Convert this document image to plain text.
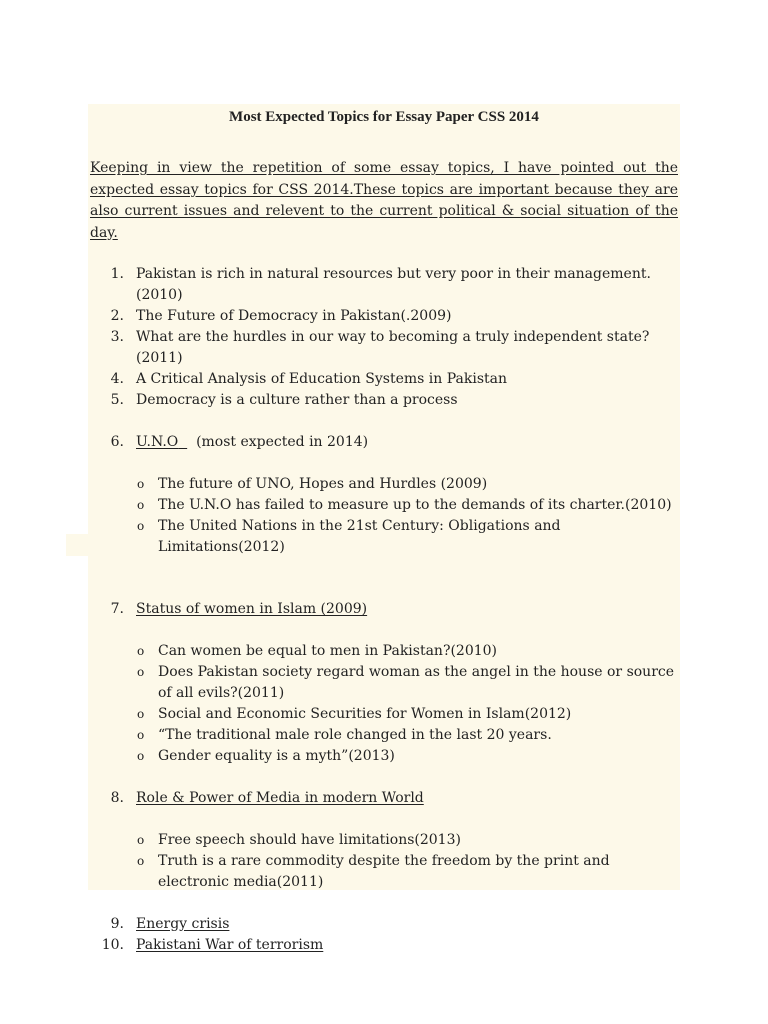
Most Expected Topics for Essay Paper CSS 2014
Keeping in view the repetition of some essay topics, I have pointed out the expected essay topics for CSS 2014.These topics are important because they are also current issues and relevent to the current political & social situation of the day.
1. Pakistan is rich in natural resources but very poor in their management.(2010)
2. The Future of Democracy in Pakistan(.2009)
3. What are the hurdles in our way to becoming a truly independent state?(2011)
4. A Critical Analysis of Education Systems in Pakistan
5. Democracy is a culture rather than a process
6. U.N.O (most expected in 2014)
o The future of UNO, Hopes and Hurdles (2009)
o The U.N.O has failed to measure up to the demands of its charter.(2010)
o The United Nations in the 21st Century: Obligations and Limitations(2012)
7. Status of women in Islam (2009)
o Can women be equal to men in Pakistan?(2010)
o Does Pakistan society regard woman as the angel in the house or source of all evils?(2011)
o Social and Economic Securities for Women in Islam(2012)
o “The traditional male role changed in the last 20 years.
o Gender equality is a myth”(2013)
8. Role & Power of Media in modern World
o Free speech should have limitations(2013)
o Truth is a rare commodity despite the freedom by the print and electronic media(2011)
9. Energy crisis
10. Pakistani War of terrorism
